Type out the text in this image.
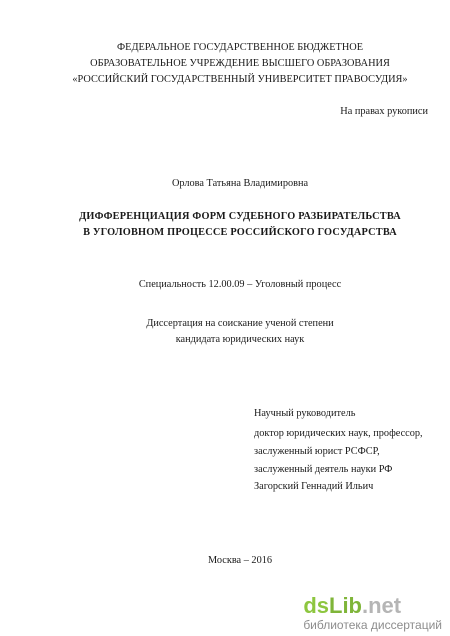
ФЕДЕРАЛЬНОЕ ГОСУДАРСТВЕННОЕ БЮДЖЕТНОЕ
ОБРАЗОВАТЕЛЬНОЕ УЧРЕЖДЕНИЕ ВЫСШЕГО ОБРАЗОВАНИЯ
«РОССИЙСКИЙ ГОСУДАРСТВЕННЫЙ УНИВЕРСИТЕТ ПРАВОСУДИЯ»
На правах рукописи
Орлова Татьяна Владимировна
ДИФФЕРЕНЦИАЦИЯ ФОРМ СУДЕБНОГО РАЗБИРАТЕЛЬСТВА
В УГОЛОВНОМ ПРОЦЕССЕ РОССИЙСКОГО ГОСУДАРСТВА
Специальность 12.00.09 – Уголовный процесс
Диссертация на соискание ученой степени
кандидата юридических наук
Научный руководитель
доктор юридических наук, профессор,
заслуженный юрист РСФСР,
заслуженный деятель науки РФ
Загорский Геннадий Ильич
Москва – 2016
dsLib.net
библиотека диссертаций
